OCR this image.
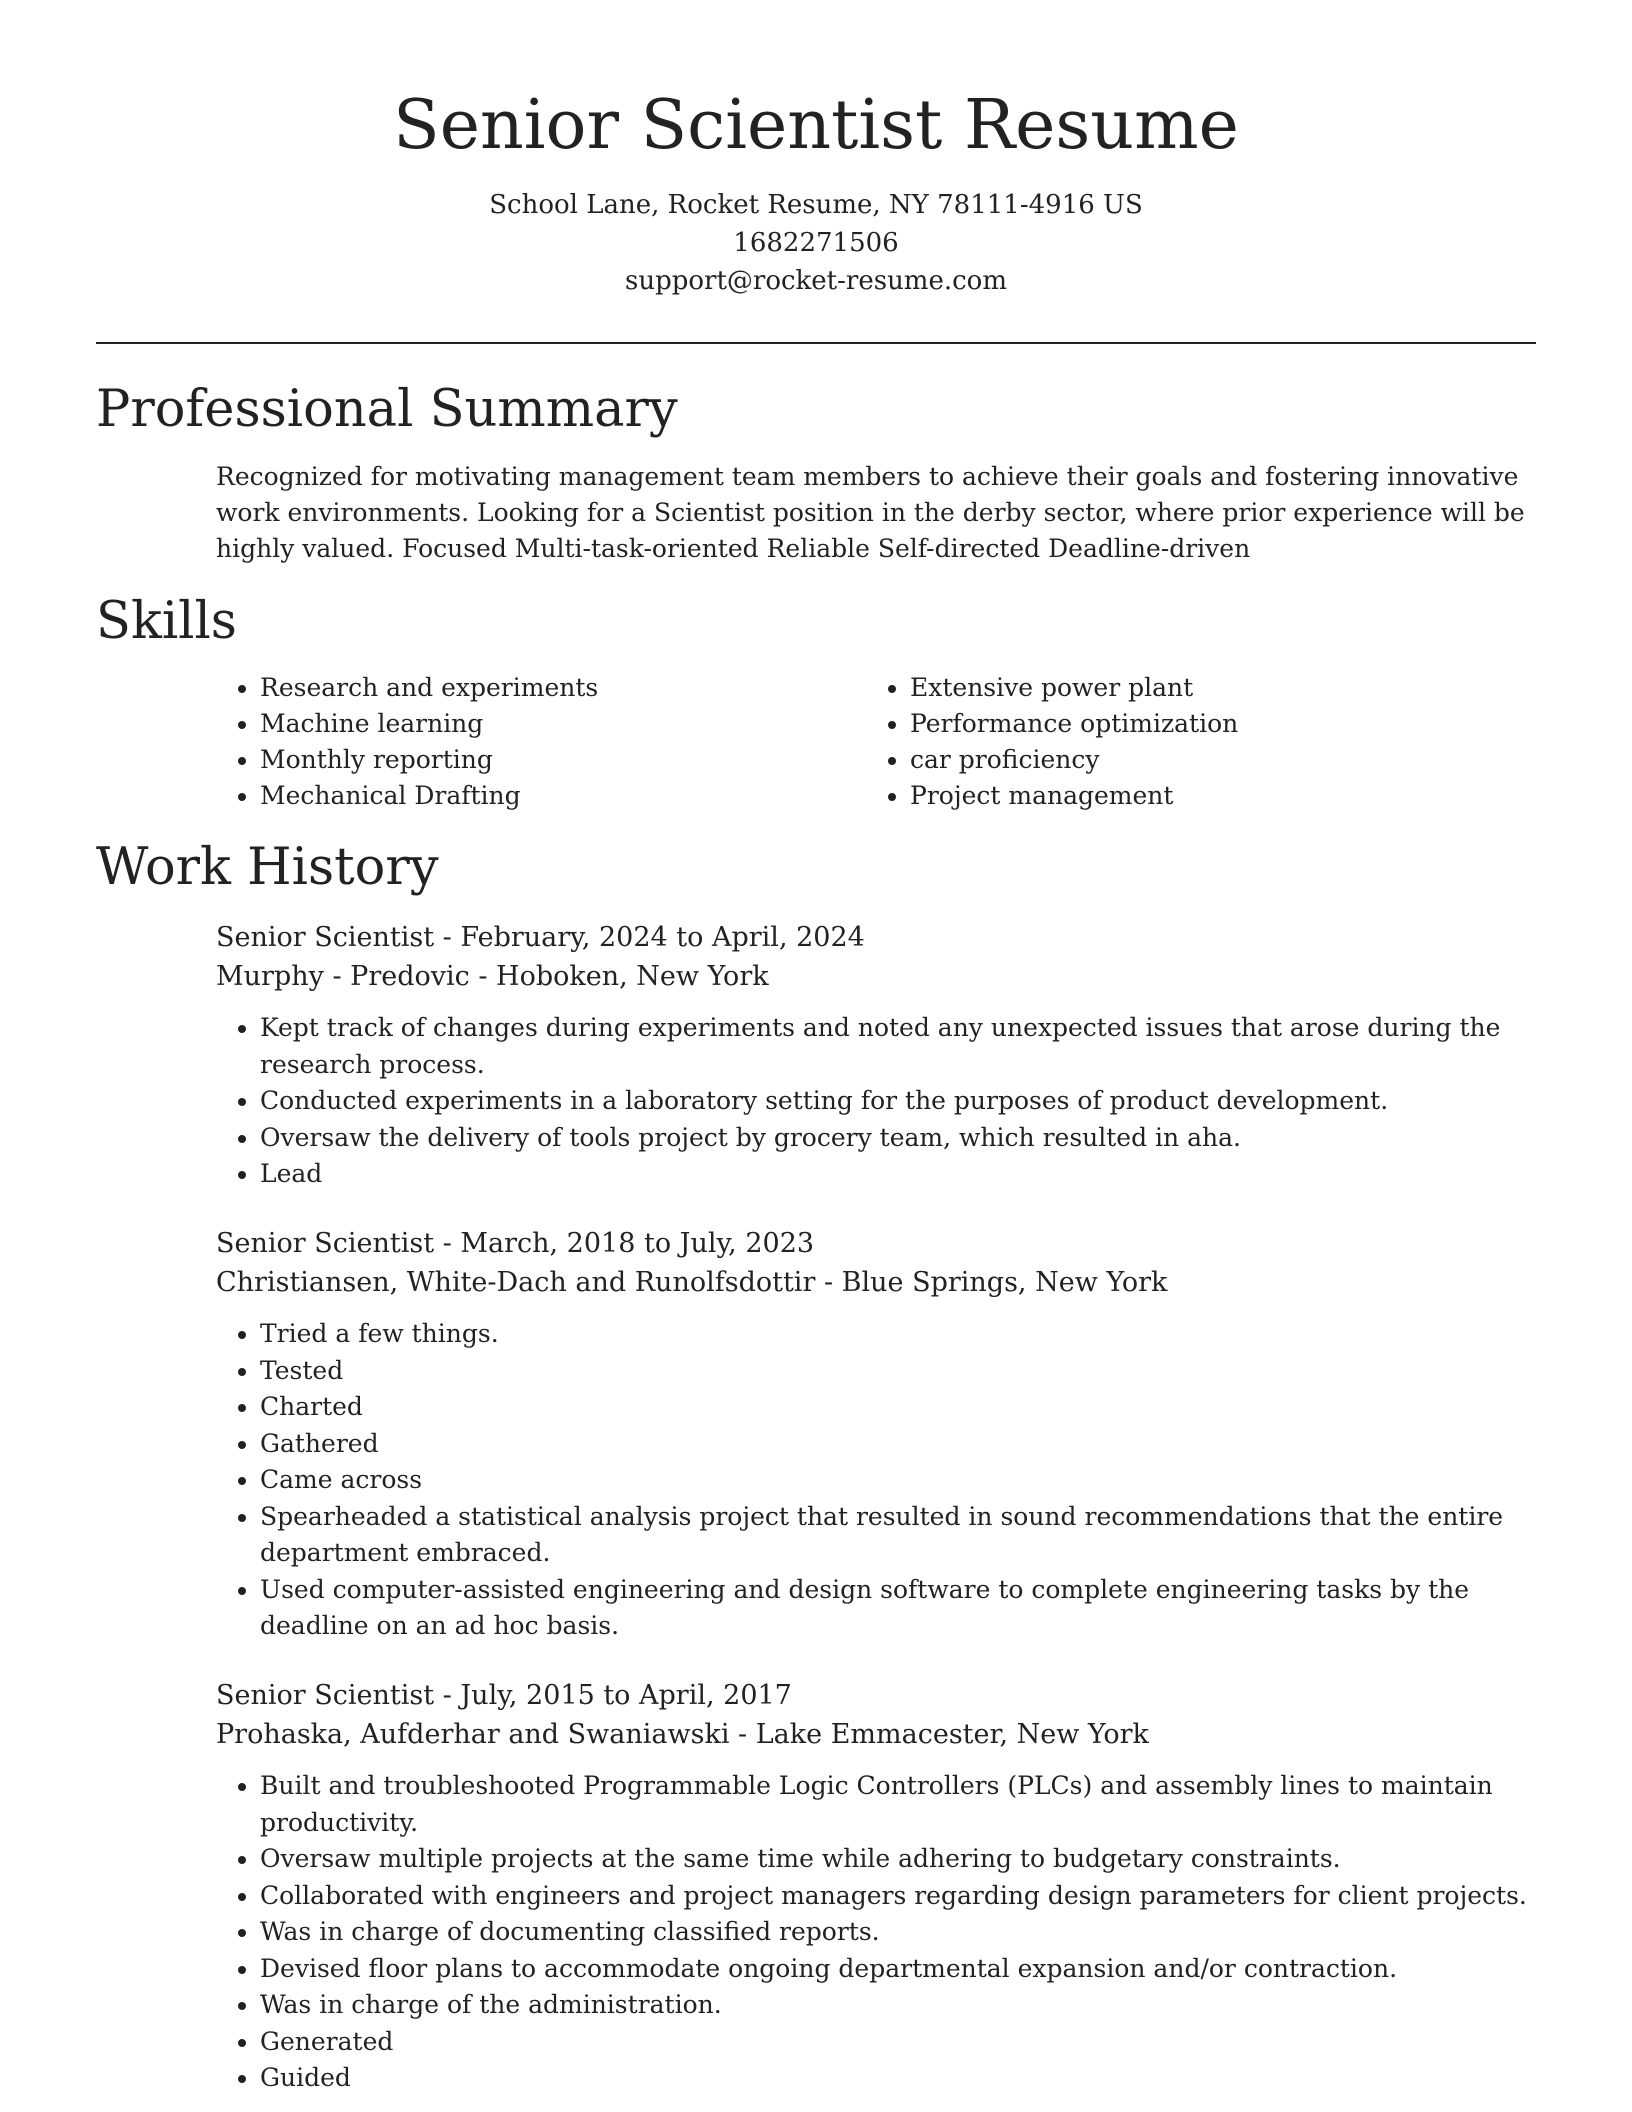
Senior Scientist Resume
School Lane, Rocket Resume, NY 78111-4916 US
1682271506
support@rocket-resume.com
Professional Summary
Recognized for motivating management team members to achieve their goals and fostering innovative work environments. Looking for a Scientist position in the derby sector, where prior experience will be highly valued. Focused Multi-task-oriented Reliable Self-directed Deadline-driven
Skills
• Research and experiments
• Machine learning
• Monthly reporting
• Mechanical Drafting
• Extensive power plant
• Performance optimization
• car proficiency
• Project management
Work History
Senior Scientist - February, 2024 to April, 2024
Murphy - Predovic - Hoboken, New York
• Kept track of changes during experiments and noted any unexpected issues that arose during the research process.
• Conducted experiments in a laboratory setting for the purposes of product development.
• Oversaw the delivery of tools project by grocery team, which resulted in aha.
• Lead
Senior Scientist - March, 2018 to July, 2023
Christiansen, White-Dach and Runolfsdottir - Blue Springs, New York
• Tried a few things.
• Tested
• Charted
• Gathered
• Came across
• Spearheaded a statistical analysis project that resulted in sound recommendations that the entire department embraced.
• Used computer-assisted engineering and design software to complete engineering tasks by the deadline on an ad hoc basis.
Senior Scientist - July, 2015 to April, 2017
Prohaska, Aufderhar and Swaniawski - Lake Emmacester, New York
• Built and troubleshooted Programmable Logic Controllers (PLCs) and assembly lines to maintain productivity.
• Oversaw multiple projects at the same time while adhering to budgetary constraints.
• Collaborated with engineers and project managers regarding design parameters for client projects.
• Was in charge of documenting classified reports.
• Devised floor plans to accommodate ongoing departmental expansion and/or contraction.
• Was in charge of the administration.
• Generated
• Guided
